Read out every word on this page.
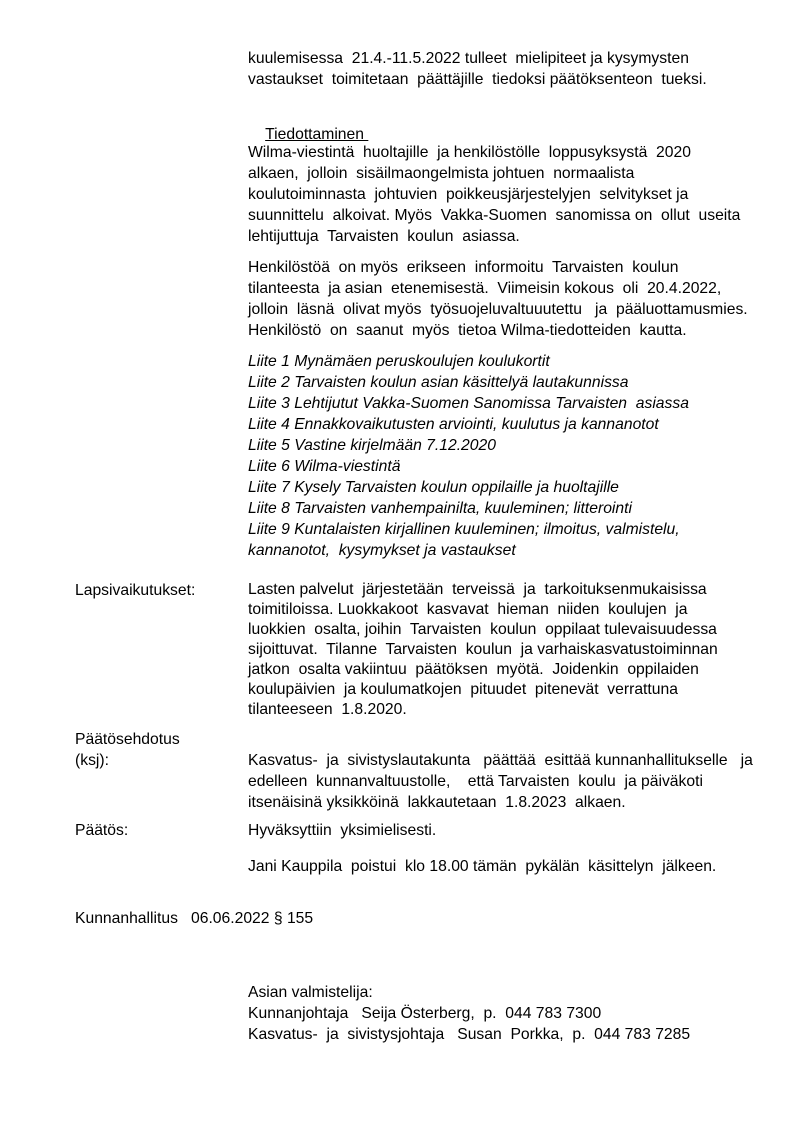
kuulemisessa  21.4.-11.5.2022 tulleet  mielipiteet ja kysymysten
vastaukset  toimitetaan  päättäjille  tiedoksi päätöksenteon  tueksi.

Tiedottaminen

Wilma-viestintä  huoltajille  ja henkilöstölle  loppusyksystä  2020
alkaen,  jolloin  sisäilmaongelmista johtuen  normaalista
koulutoiminnasta  johtuvien  poikkeusjärjestelyjen  selvitykset ja
suunnittelu  alkoivat. Myös  Vakka-Suomen  sanomissa on  ollut  useita
lehtijuttuja  Tarvaisten  koulun  asiassa.
Henkilöstöä  on myös  erikseen  informoitu  Tarvaisten  koulun
tilanteesta  ja asian  etenemisestä.  Viimeisin kokous  oli  20.4.2022,
jolloin  läsnä  olivat myös  työsuojeluvaltuuutettu   ja  pääluottamusmies.
Henkilöstö  on  saanut  myös  tietoa Wilma-tiedotteiden  kautta.
Liite 1 Mynämäen peruskoulujen koulukortit
Liite 2 Tarvaisten koulun asian käsittelyä lautakunnissa
Liite 3 Lehtijutut Vakka-Suomen Sanomissa Tarvaisten  asiassa
Liite 4 Ennakkovaikutusten arviointi, kuulutus ja kannanotot
Liite 5 Vastine kirjelmään 7.12.2020
Liite 6 Wilma-viestintä
Liite 7 Kysely Tarvaisten koulun oppilaille ja huoltajille
Liite 8 Tarvaisten vanhempainilta, kuuleminen; litterointi
Liite 9 Kuntalaisten kirjallinen kuuleminen; ilmoitus, valmistelu,
kannanotot,  kysymykset ja vastaukset
Lapsivaikutukset:	Lasten palvelut  järjestetään  terveissä  ja  tarkoituksenmukaisissa
toimitiloissa. Luokkakoot  kasvavat  hieman  niiden  koulujen  ja
luokkien  osalta, joihin  Tarvaisten  koulun  oppilaat tulevaisuudessa
sijoittuvat.  Tilanne  Tarvaisten  koulun  ja varhaiskasvatustoiminnan
jatkon  osalta vakiintuu  päätöksen  myötä.  Joidenkin  oppilaiden
koulupäivien  ja koulumatkojen  pituudet  pitenevät  verrattuna
tilanteeseen  1.8.2020.
Päätösehdotus
(ksj):	Kasvatus-  ja  sivistyslautakunta   päättää  esittää kunnanhallitukselle   ja
edelleen  kunnanvaltuustolle,    että Tarvaisten  koulu  ja päiväkoti
itsenäisinä yksikköinä  lakkautetaan  1.8.2023  alkaen.
Päätös:	Hyväksyttiin  yksimielisesti.
Jani Kauppila  poistui  klo 18.00 tämän  pykälän  käsittelyn  jälkeen.
Kunnanhallitus   06.06.2022 § 155
Asian valmistelija:
Kunnanjohtaja   Seija Österberg,  p.  044 783 7300
Kasvatus-  ja  sivistysjohtaja   Susan  Porkka,  p.  044 783 7285
